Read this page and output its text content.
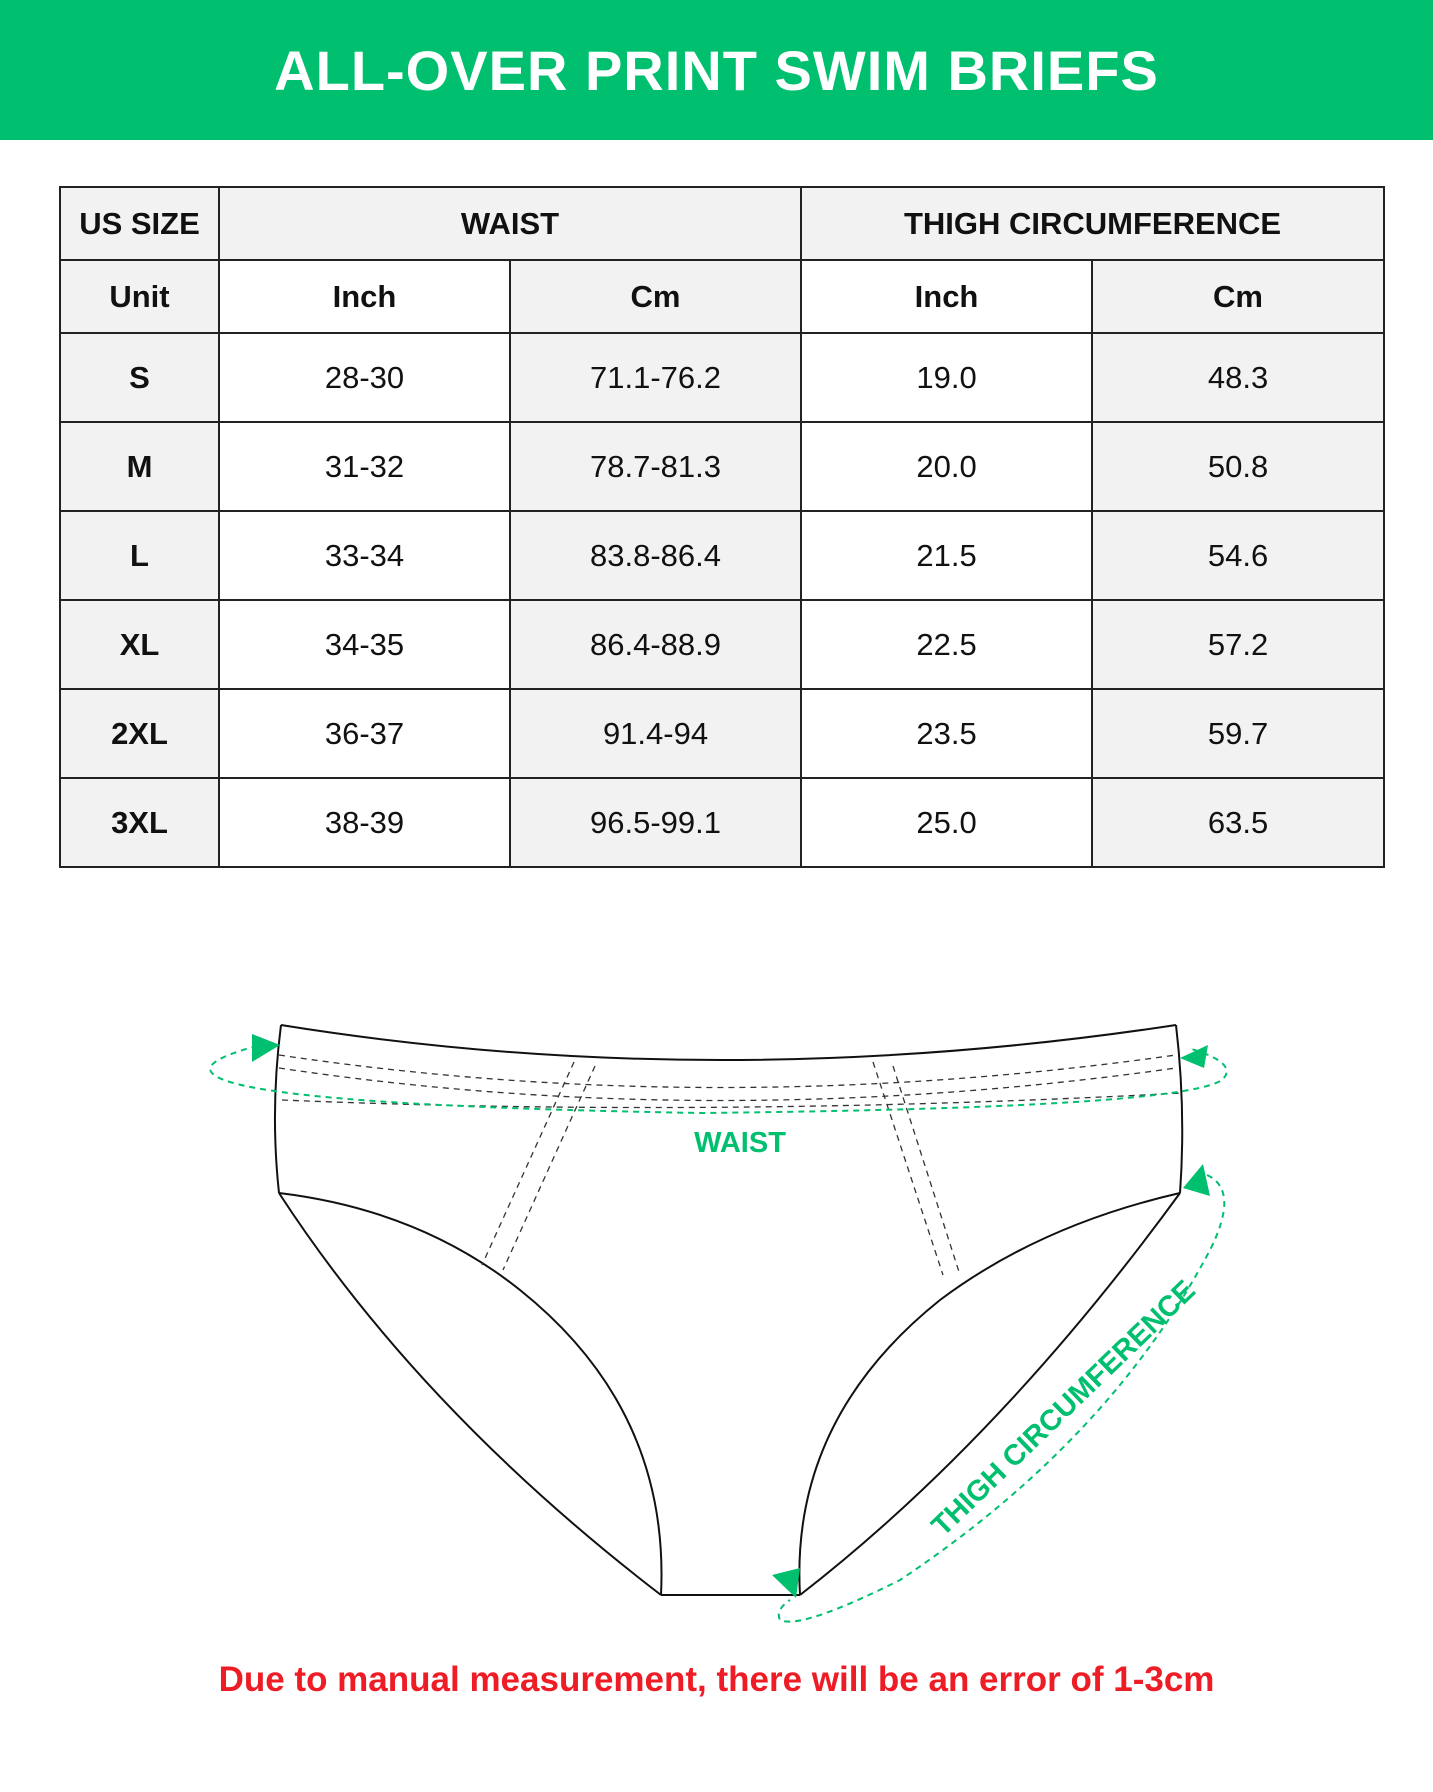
ALL-OVER PRINT SWIM BRIEFS
US SIZE	WAIST		THIGH CIRCUMFERENCE	
Unit	Inch	Cm	Inch	Cm
S	28-30	71.1-76.2	19.0	48.3
M	31-32	78.7-81.3	20.0	50.8
L	33-34	83.8-86.4	21.5	54.6
XL	34-35	86.4-88.9	22.5	57.2
2XL	36-37	91.4-94	23.5	59.7
3XL	38-39	96.5-99.1	25.0	63.5
WAIST
THIGH CIRCUMFERENCE
Due to manual measurement, there will be an error of 1-3cm
